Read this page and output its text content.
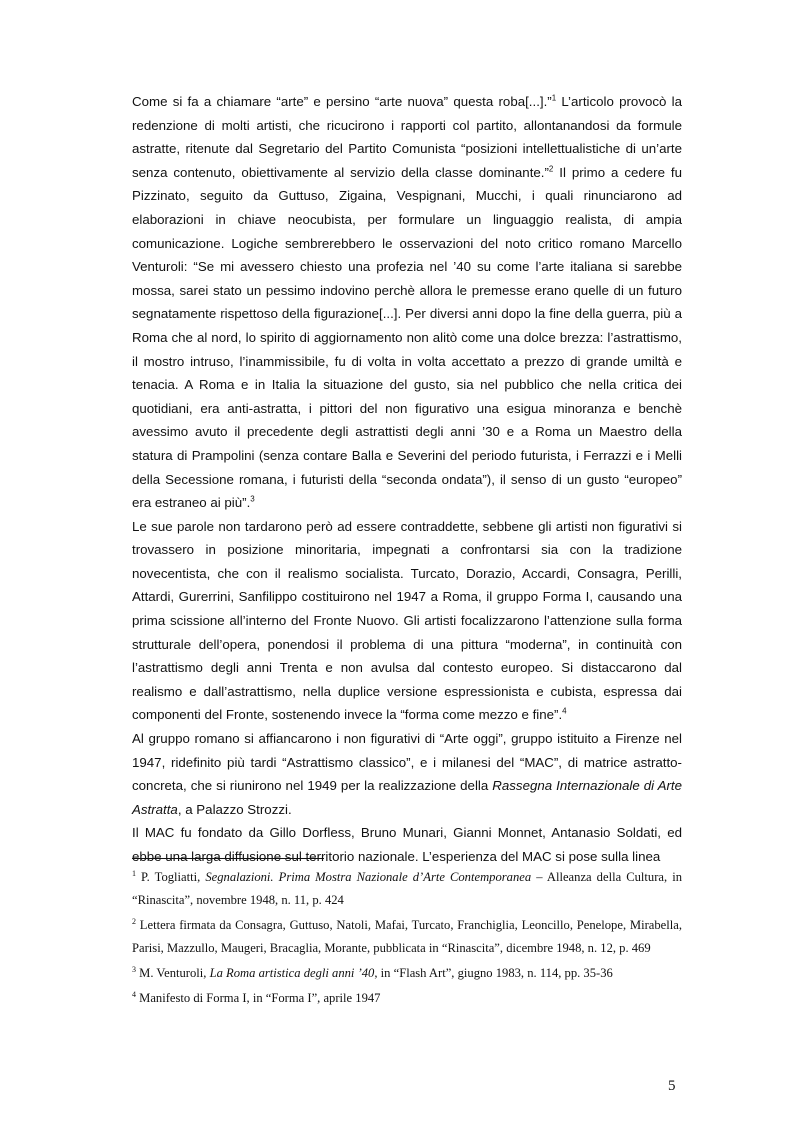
Come si fa a chiamare “arte” e persino “arte nuova” questa roba[...].”$^1$ L’articolo provocò la redenzione di molti artisti, che ricucirono i rapporti col partito, allontanandosi da formule astratte, ritenute dal Segretario del Partito Comunista “posizioni intellettualistiche di un’arte senza contenuto, obiettivamente al servizio della classe dominante.”$^2$ Il primo a cedere fu Pizzinato, seguito da Guttuso, Zigaina, Vespignani, Mucchi, i quali rinunciarono ad elaborazioni in chiave neocubista, per formulare un linguaggio realista, di ampia comunicazione. Logiche sembrerebbero le osservazioni del noto critico romano Marcello Venturoli: “Se mi avessero chiesto una profezia nel ’40 su come l’arte italiana si sarebbe mossa, sarei stato un pessimo indovino perchè allora le premesse erano quelle di un futuro segnatamente rispettoso della figurazione[...]. Per diversi anni dopo la fine della guerra, più a Roma che al nord, lo spirito di aggiornamento non alitò come una dolce brezza: l’astrattismo, il mostro intruso, l’inammissibile, fu di volta in volta accettato a prezzo di grande umiltà e tenacia. A Roma e in Italia la situazione del gusto, sia nel pubblico che nella critica dei quotidiani, era anti-astratta, i pittori del non figurativo una esigua minoranza e benchè avessimo avuto il precedente degli astrattisti degli anni ’30 e a Roma un Maestro della statura di Prampolini (senza contare Balla e Severini del periodo futurista, i Ferrazzi e i Melli della Secessione romana, i futuristi della “seconda ondata”), il senso di un gusto “europeo” era estraneo ai più”.$^3$

Le sue parole non tardarono però ad essere contraddette, sebbene gli artisti non figurativi si trovassero in posizione minoritaria, impegnati a confrontarsi sia con la tradizione novecentista, che con il realismo socialista. Turcato, Dorazio, Accardi, Consagra, Perilli, Attardi, Gurerrini, Sanfilippo costituirono nel 1947 a Roma, il gruppo Forma I, causando una prima scissione all’interno del Fronte Nuovo. Gli artisti focalizzarono l’attenzione sulla forma strutturale dell’opera, ponendosi il problema di una pittura “moderna”, in continuità con l’astrattismo degli anni Trenta e non avulsa dal contesto europeo. Si distaccarono dal realismo e dall’astrattismo, nella duplice versione espressionista e cubista, espressa dai componenti del Fronte, sostenendo invece la “forma come mezzo e fine”.$^4$

Al gruppo romano si affiancarono i non figurativi di “Arte oggi”, gruppo istituito a Firenze nel 1947, ridefinito più tardi “Astrattismo classico”, e i milanesi del “MAC”, di matrice astratto-concreta, che si riunirono nel 1949 per la realizzazione della Rassegna Internazionale di Arte Astratta, a Palazzo Strozzi.

Il MAC fu fondato da Gillo Dorfless, Bruno Munari, Gianni Monnet, Antanasio Soldati, ed ebbe una larga diffusione sul territorio nazionale. L’esperienza del MAC si pose sulla linea

$^1$ P. Togliatti, Segnalazioni. Prima Mostra Nazionale d’Arte Contemporanea – Alleanza della Cultura, in “Rinascita”, novembre 1948, n. 11, p. 424

$^2$ Lettera firmata da Consagra, Guttuso, Natoli, Mafai, Turcato, Franchiglia, Leoncillo, Penelope, Mirabella, Parisi, Mazzullo, Maugeri, Bracaglia, Morante, pubblicata in “Rinascita”, dicembre 1948, n. 12, p. 469

$^3$ M. Venturoli, La Roma artistica degli anni ’40, in “Flash Art”, giugno 1983, n. 114, pp. 35-36

$^4$ Manifesto di Forma I, in “Forma I”, aprile 1947

5
